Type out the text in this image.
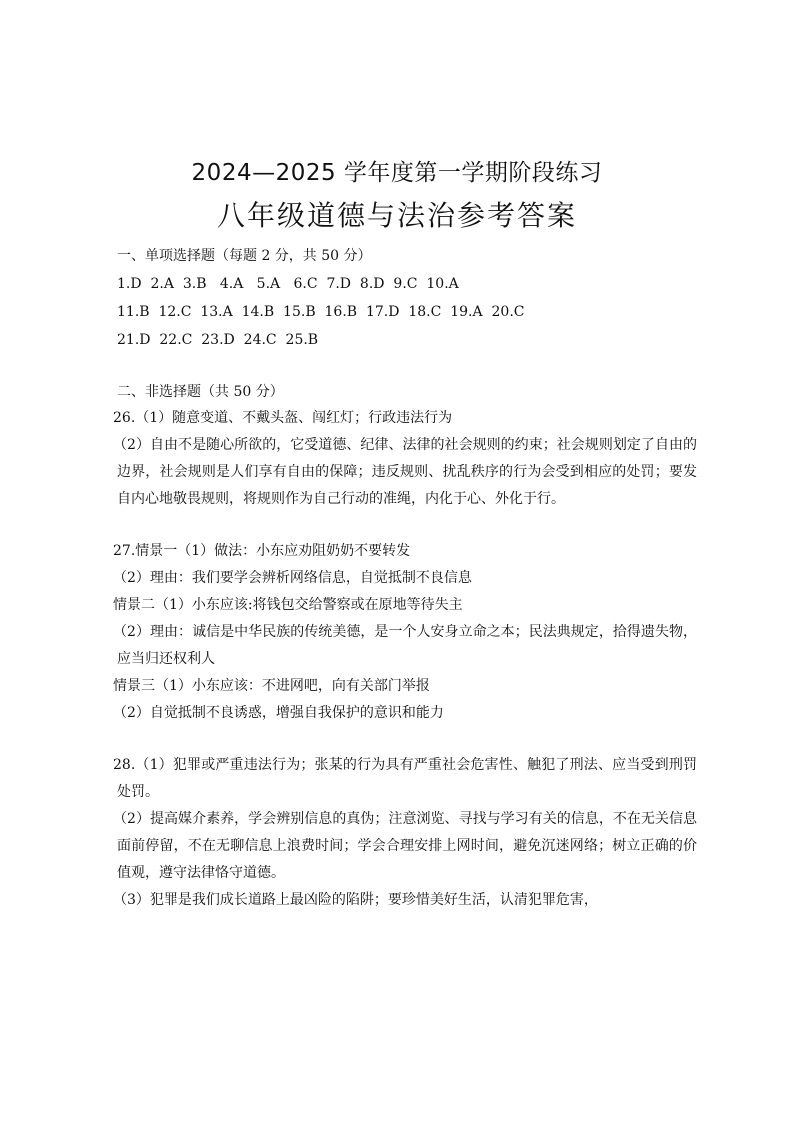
2024—2025 学年度第一学期阶段练习
八年级道德与法治参考答案
一、单项选择题（每题 2 分，共 50 分）
1.D  2.A  3.B   4.A   5.A   6.C  7.D  8.D  9.C  10.A
11.B  12.C  13.A  14.B  15.B  16.B  17.D  18.C  19.A  20.C
21.D  22.C  23.D  24.C  25.B
二、非选择题（共 50 分）

26.（1）随意变道、不戴头盔、闯红灯；行政违法行为

（2）自由不是随心所欲的，它受道德、纪律、法律的社会规则的约束；社会规则划定了自由的边界，社会规则是人们享有自由的保障；违反规则、扰乱秩序的行为会受到相应的处罚；要发自内心地敬畏规则，将规则作为自己行动的准绳，内化于心、外化于行。

27.情景一（1）做法：小东应劝阻奶奶不要转发

（2）理由：我们要学会辨析网络信息，自觉抵制不良信息

情景二（1）小东应该:将钱包交给警察或在原地等待失主

（2）理由：诚信是中华民族的传统美德，是一个人安身立命之本；民法典规定，拾得遗失物，应当归还权利人

情景三（1）小东应该：不进网吧，向有关部门举报

（2）自觉抵制不良诱惑，增强自我保护的意识和能力

28.（1）犯罪或严重违法行为；张某的行为具有严重社会危害性、触犯了刑法、应当受到刑罚处罚。

（2）提高媒介素养，学会辨别信息的真伪；注意浏览、寻找与学习有关的信息，不在无关信息面前停留，不在无聊信息上浪费时间；学会合理安排上网时间，避免沉迷网络；树立正确的价值观，遵守法律恪守道德。

（3）犯罪是我们成长道路上最凶险的陷阱；要珍惜美好生活，认清犯罪危害，
